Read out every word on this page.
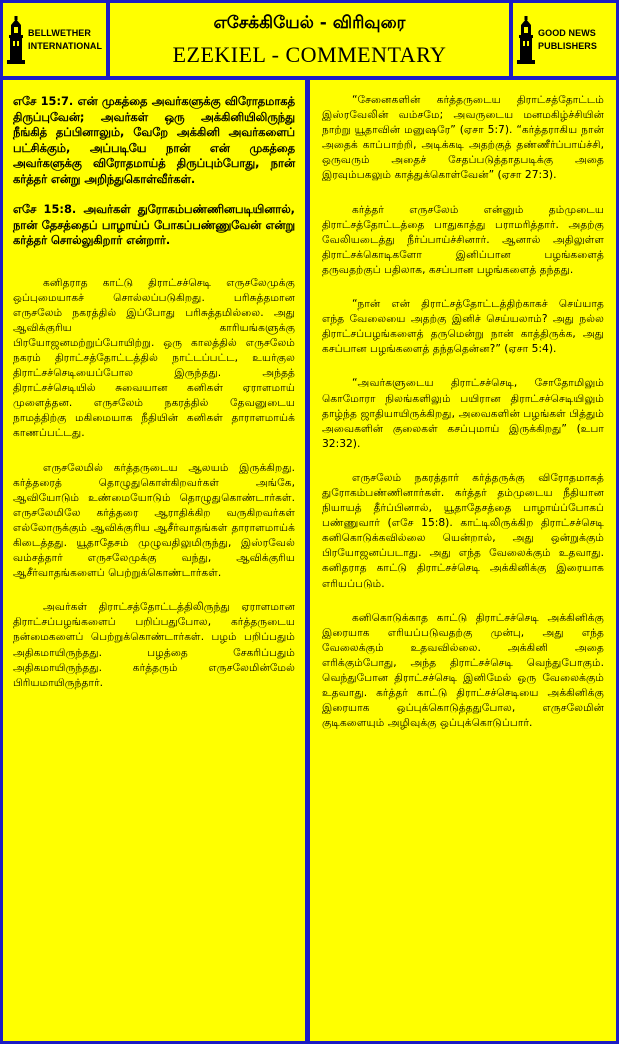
BELLWETHER
INTERNATIONAL
எசேக்கியேல் - விரிவுரை
EZEKIEL - COMMENTARY
GOOD NEWS
PUBLISHERS

எசே 15:7. என் முகத்தை அவர்களுக்கு விரோதமாகத் திருப்புவேன்; அவர்கள் ஒரு அக்கினியிலிருந்து நீங்கித் தப்பினாலும், வேறே அக்கினி அவர்களைப் பட்சிக்கும், அப்படியே நான் என் முகத்தை அவர்களுக்கு விரோதமாய்த் திருப்பும்போது, நான் கர்த்தர் என்று அறிந்துகொள்வீர்கள்.

எசே 15:8. அவர்கள் துரோகம்பண்ணினபடியினால், நான் தேசத்தைப் பாழாய்ப் போகப்பண்ணுவேன் என்று கர்த்தர் சொல்லுகிறார் என்றார்.

கனிதராத காட்டு திராட்சச்செடி எருசலேமுக்கு ஒப்புமையாகச் சொல்லப்படுகிறது. பரிசுத்தமான எருசலேம் நகரத்தில் இப்போது பரிசுத்தமில்லை. அது ஆவிக்குரிய காரியங்களுக்கு பிரயோஜனமற்றுப்போயிற்று. ஒரு காலத்தில் எருசலேம் நகரம் திராட்சத்தோட்டத்தில் நாட்டப்பட்ட, உயர்குல திராட்சச்செடியைப்போல இருந்தது. அந்தத் திராட்சச்செடியில் சுவையான கனிகள் ஏராளமாய் முளைத்தன. எருசலேம் நகரத்தில் தேவனுடைய நாமத்திற்கு மகிமையாக நீதியின் கனிகள் தாராளமாய்க் காணப்பட்டது.

எருசலேமில் கர்த்தருடைய ஆலயம் இருக்கிறது. கர்த்தரைத் தொழுதுகொள்கிறவர்கள் அங்கே, ஆவியோடும் உண்மையோடும் தொழுதுகொண்டார்கள். எருசலேமிலே கர்த்தரை ஆராதிக்கிற வருகிறவர்கள் எல்லோருக்கும் ஆவிக்குரிய ஆசீர்வாதங்கள் தாராளமாய்க் கிடைத்தது. யூதாதேசம் முழுவதிலுமிருந்து, இஸ்ரவேல் வம்சத்தார் எருசலேமுக்கு வந்து, ஆவிக்குரிய ஆசீர்வாதங்களைப் பெற்றுக்கொண்டார்கள்.

அவர்கள் திராட்சத்தோட்டத்திலிருந்து ஏராளமான திராட்சப்பழங்களைப் பறிப்பதுபோல, கர்த்தருடைய நன்மைகளைப் பெற்றுக்கொண்டார்கள். பழம் பறிப்பதும் அதிகமாயிருந்தது. பழத்தை சேகரிப்பதும் அதிகமாயிருந்தது. கர்த்தரும் எருசலேமின்மேல் பிரியமாயிருந்தார்.

“சேனைகளின் கர்த்தருடைய திராட்சத்தோட்டம் இஸ்ரவேலின் வம்சமே; அவருடைய மனமகிழ்ச்சியின் நாற்று யூதாவின் மனுஷரே” (ஏசா 5:7). “கர்த்தராகிய நான் அதைக் காப்பாற்றி, அடிக்கடி அதற்குத் தண்ணீர்ப்பாய்ச்சி, ஒருவரும் அதைச் சேதப்படுத்தாதபடிக்கு அதை இரவும்பகலும் காத்துக்கொள்வேன்” (ஏசா 27:3).

கர்த்தர் எருசலேம் என்னும் தம்முடைய திராட்சத்தோட்டத்தை பாதுகாத்து பராமரித்தார். அதற்கு வேலியடைத்து நீர்ப்பாய்ச்சினார். ஆனால் அதிலுள்ள திராட்சக்கொடிகளோ இனிப்பான பழங்களைத் தருவதற்குப் பதிலாக, கசப்பான பழங்களைத் தந்தது.

“நான் என் திராட்சத்தோட்டத்திற்காகச் செய்யாத எந்த வேலையை அதற்கு இனிச் செய்யலாம்? அது நல்ல திராட்சப்பழங்களைத் தருமென்று நான் காத்திருக்க, அது கசப்பான பழங்களைத் தந்ததென்ன?” (ஏசா 5:4).

“அவர்களுடைய திராட்சச்செடி, சோதோமிலும் கொமோரா நிலங்களிலும் பயிரான திராட்சச்செடியிலும் தாழ்ந்த ஜாதியாயிருக்கிறது, அவைகளின் பழங்கள் பித்தும் அவைகளின் குலைகள் கசப்புமாய் இருக்கிறது” (உபா 32:32).

எருசலேம் நகரத்தார் கர்த்தருக்கு விரோதமாகத் துரோகம்பண்ணினார்கள். கர்த்தர் தம்முடைய நீதியான நியாயத் தீர்ப்பினால், யூதாதேசத்தை பாழாய்ப்போகப் பண்ணுவார் (எசே 15:8). காட்டிலிருக்கிற திராட்சச்செடி கனிகொடுக்கவில்லை யென்றால், அது ஒன்றுக்கும் பிரயோஜனப்படாது. அது எந்த வேலைக்கும் உதவாது. கனிதராத காட்டு திராட்சச்செடி அக்கினிக்கு இரையாக எரியப்படும்.

கனிகொடுக்காத காட்டு திராட்சச்செடி அக்கினிக்கு இரையாக எரியப்படுவதற்கு முன்பு, அது எந்த வேலைக்கும் உதவவில்லை. அக்கினி அதை எரிக்கும்போது, அந்த திராட்சச்செடி வெந்துபோகும். வெந்துபோன திராட்சச்செடி இனிமேல் ஒரு வேலைக்கும் உதவாது. கர்த்தர் காட்டு திராட்சச்செடியை அக்கினிக்கு இரையாக ஒப்புக்கொடுத்ததுபோல, எருசலேமின் குடிகளையும் அழிவுக்கு ஒப்புக்கொடுப்பார்.
